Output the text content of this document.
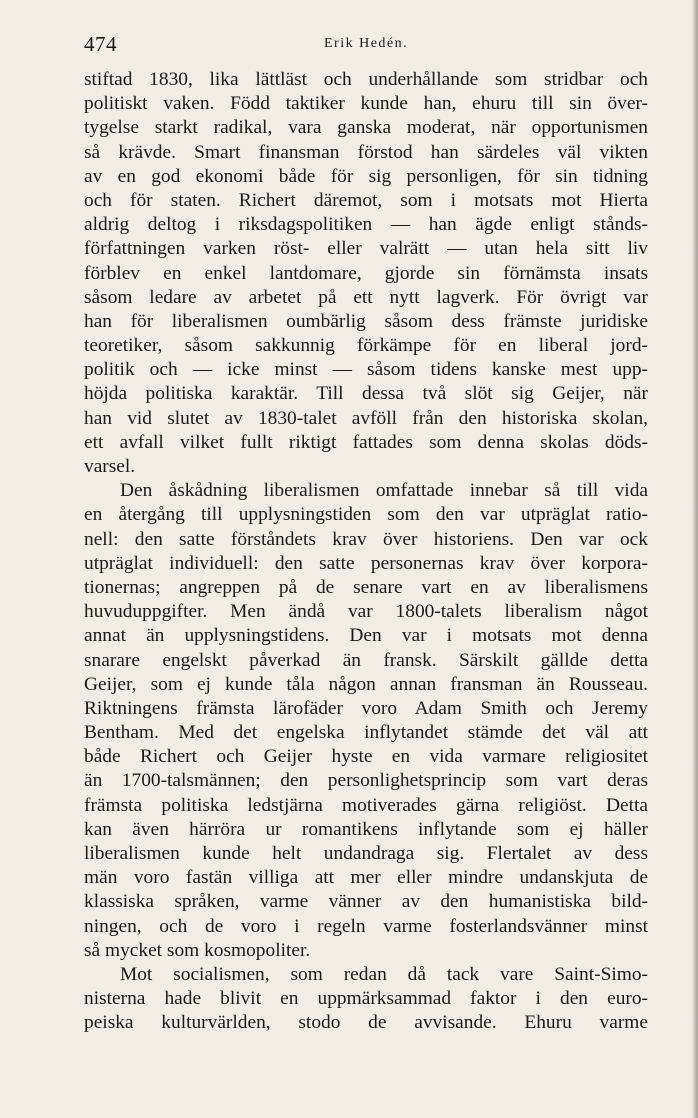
474	Erik Hedén.
stiftad 1830, lika lättläst och underhållande som stridbar och
politiskt vaken. Född taktiker kunde han, ehuru till sin över-
tygelse starkt radikal, vara ganska moderat, när opportunismen
så krävde. Smart finansman förstod han särdeles väl vikten
av en god ekonomi både för sig personligen, för sin tidning
och för staten. Richert däremot, som i motsats mot Hierta
aldrig deltog i riksdagspolitiken — han ägde enligt stånds-
författningen varken röst- eller valrätt — utan hela sitt liv
förblev en enkel lantdomare, gjorde sin förnämsta insats
såsom ledare av arbetet på ett nytt lagverk. För övrigt var
han för liberalismen oumbärlig såsom dess främste juridiske
teoretiker, såsom sakkunnig förkämpe för en liberal jord-
politik och — icke minst — såsom tidens kanske mest upp-
höjda politiska karaktär. Till dessa två slöt sig Geijer, när
han vid slutet av 1830-talet avföll från den historiska skolan,
ett avfall vilket fullt riktigt fattades som denna skolas döds-
varsel.
Den åskådning liberalismen omfattade innebar så till vida
en återgång till upplysningstiden som den var utpräglat ratio-
nell: den satte förståndets krav över historiens. Den var ock
utpräglat individuell: den satte personernas krav över korpora-
tionernas; angreppen på de senare vart en av liberalismens
huvuduppgifter. Men ändå var 1800-talets liberalism något
annat än upplysningstidens. Den var i motsats mot denna
snarare engelskt påverkad än fransk. Särskilt gällde detta
Geijer, som ej kunde tåla någon annan fransman än Rousseau.
Riktningens främsta lärofäder voro Adam Smith och Jeremy
Bentham. Med det engelska inflytandet stämde det väl att
både Richert och Geijer hyste en vida varmare religiositet
än 1700-talsmännen; den personlighetsprincip som vart deras
främsta politiska ledstjärna motiverades gärna religiöst. Detta
kan även härröra ur romantikens inflytande som ej häller
liberalismen kunde helt undandraga sig. Flertalet av dess
män voro fastän villiga att mer eller mindre undanskjuta de
klassiska språken, varme vänner av den humanistiska bild-
ningen, och de voro i regeln varme fosterlandsvänner minst
så mycket som kosmopoliter.
Mot socialismen, som redan då tack vare Saint-Simo-
nisterna hade blivit en uppmärksammad faktor i den euro-
peiska kulturvärlden, stodo de avvisande. Ehuru varme
